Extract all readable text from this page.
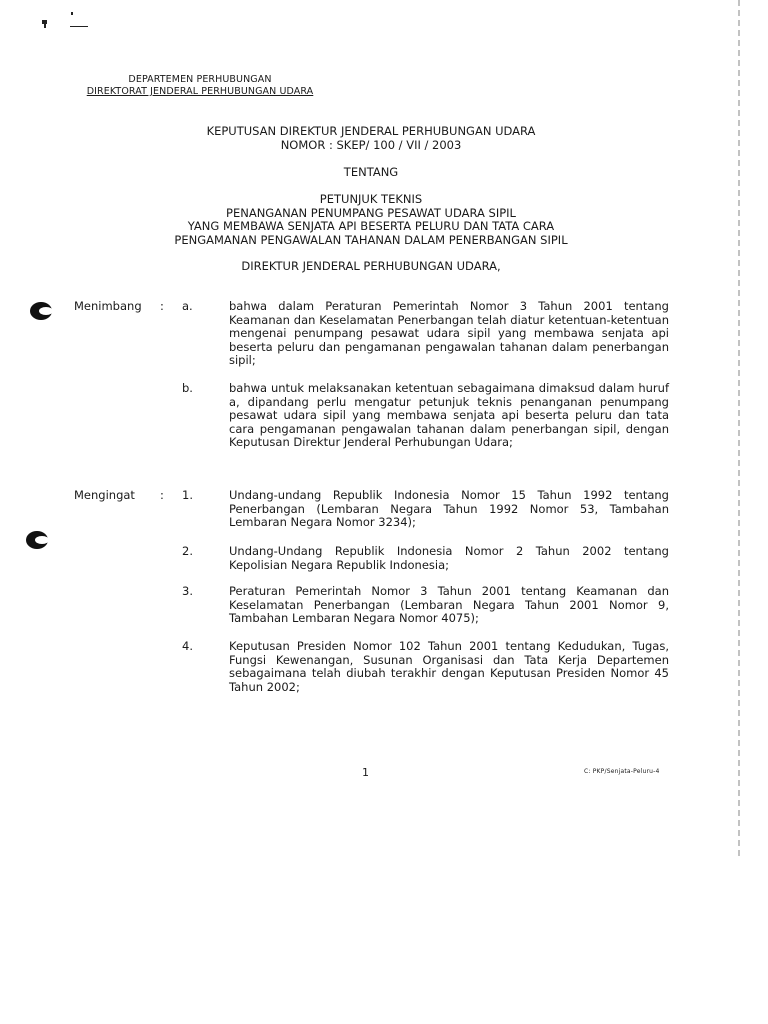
DEPARTEMEN PERHUBUNGAN
DIREKTORAT JENDERAL PERHUBUNGAN UDARA
KEPUTUSAN DIREKTUR JENDERAL PERHUBUNGAN UDARA
NOMOR : SKEP/ 100 / VII / 2003
TENTANG
PETUNJUK TEKNIS
PENANGANAN PENUMPANG PESAWAT UDARA SIPIL
YANG MEMBAWA SENJATA API BESERTA PELURU DAN TATA CARA
PENGAMANAN PENGAWALAN TAHANAN DALAM PENERBANGAN SIPIL
DIREKTUR JENDERAL PERHUBUNGAN UDARA,
Menimbang : a.	bahwa dalam Peraturan Pemerintah Nomor 3 Tahun 2001 tentang Keamanan dan Keselamatan Penerbangan telah diatur ketentuan-ketentuan mengenai penumpang pesawat udara sipil yang membawa senjata api beserta peluru dan pengamanan pengawalan tahanan dalam penerbangan sipil;
b.	bahwa untuk melaksanakan ketentuan sebagaimana dimaksud dalam huruf a, dipandang perlu mengatur petunjuk teknis penanganan penumpang pesawat udara sipil yang membawa senjata api beserta peluru dan tata cara pengamanan pengawalan tahanan dalam penerbangan sipil, dengan Keputusan Direktur Jenderal Perhubungan Udara;
Mengingat : 1.	Undang-undang Republik Indonesia Nomor 15 Tahun 1992 tentang Penerbangan (Lembaran Negara Tahun 1992 Nomor 53, Tambahan Lembaran Negara Nomor 3234);
2.	Undang-Undang Republik Indonesia Nomor 2 Tahun 2002 tentang Kepolisian Negara Republik Indonesia;
3.	Peraturan Pemerintah Nomor 3 Tahun 2001 tentang Keamanan dan Keselamatan Penerbangan (Lembaran Negara Tahun 2001 Nomor 9, Tambahan Lembaran Negara Nomor 4075);
4.	Keputusan Presiden Nomor 102 Tahun 2001 tentang Kedudukan, Tugas, Fungsi Kewenangan, Susunan Organisasi dan Tata Kerja Departemen sebagaimana telah diubah terakhir dengan Keputusan Presiden Nomor 45 Tahun 2002;
1	C: PKP/Senjata-Peluru-4
